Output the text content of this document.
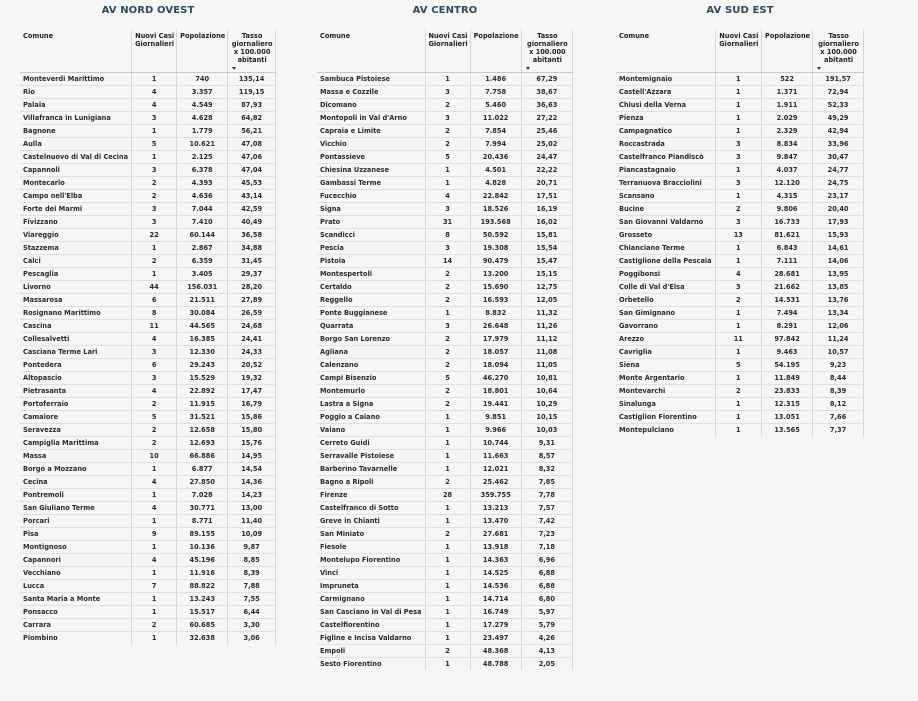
AV NORD OVEST
Comune	Nuovi Casi Giornalieri	Popolazione	Tasso giornaliero x 100.000 abitanti

Monteverdi Marittimo	1	740	135,14
Rio	4	3.357	119,15
Palaia	4	4.549	87,93
Villafranca in Lunigiana	3	4.628	64,82
Bagnone	1	1.779	56,21
Aulla	5	10.621	47,08
Castelnuovo di Val di Cecina	1	2.125	47,06
Capannoli	3	6.378	47,04
Montecarlo	2	4.393	45,53
Campo nell'Elba	2	4.636	43,14
Forte dei Marmi	3	7.044	42,59
Fivizzano	3	7.410	40,49
Viareggio	22	60.144	36,58
Stazzema	1	2.867	34,88
Calci	2	6.359	31,45
Pescaglia	1	3.405	29,37
Livorno	44	156.031	28,20
Massarosa	6	21.511	27,89
Rosignano Marittimo	8	30.084	26,59
Cascina	11	44.565	24,68
Collesalvetti	4	16.385	24,41
Casciana Terme Lari	3	12.330	24,33
Pontedera	6	29.243	20,52
Altopascio	3	15.529	19,32
Pietrasanta	4	22.892	17,47
Portoferraio	2	11.915	16,79
Camaiore	5	31.521	15,86
Seravezza	2	12.658	15,80
Campiglia Marittima	2	12.693	15,76
Massa	10	66.886	14,95
Borgo a Mozzano	1	6.877	14,54
Cecina	4	27.850	14,36
Pontremoli	1	7.028	14,23
San Giuliano Terme	4	30.771	13,00
Porcari	1	8.771	11,40
Pisa	9	89.155	10,09
Montignoso	1	10.136	9,87
Capannori	4	45.196	8,85
Vecchiano	1	11.916	8,39
Lucca	7	88.822	7,88
Santa Maria a Monte	1	13.243	7,55
Ponsacco	1	15.517	6,44
Carrara	2	60.685	3,30
Piombino	1	32.638	3,06
AV CENTRO
Comune	Nuovi Casi Giornalieri	Popolazione	Tasso giornaliero x 100.000 abitanti

Sambuca Pistoiese	1	1.486	67,29
Massa e Cozzile	3	7.758	38,67
Dicomano	2	5.460	36,63
Montopoli in Val d'Arno	3	11.022	27,22
Capraia e Limite	2	7.854	25,46
Vicchio	2	7.994	25,02
Pontassieve	5	20.436	24,47
Chiesina Uzzanese	1	4.501	22,22
Gambassi Terme	1	4.828	20,71
Fucecchio	4	22.842	17,51
Signa	3	18.526	16,19
Prato	31	193.568	16,02
Scandicci	8	50.592	15,81
Pescia	3	19.308	15,54
Pistoia	14	90.479	15,47
Montespertoli	2	13.200	15,15
Certaldo	2	15.690	12,75
Reggello	2	16.593	12,05
Ponte Buggianese	1	8.832	11,32
Quarrata	3	26.648	11,26
Borgo San Lorenzo	2	17.979	11,12
Agliana	2	18.057	11,08
Calenzano	2	18.094	11,05
Campi Bisenzio	5	46.270	10,81
Montemurlo	2	18.801	10,64
Lastra a Signa	2	19.441	10,29
Poggio a Caiano	1	9.851	10,15
Vaiano	1	9.966	10,03
Cerreto Guidi	1	10.744	9,31
Serravalle Pistoiese	1	11.663	8,57
Barberino Tavarnelle	1	12.021	8,32
Bagno a Ripoli	2	25.462	7,85
Firenze	28	359.755	7,78
Castelfranco di Sotto	1	13.213	7,57
Greve in Chianti	1	13.470	7,42
San Miniato	2	27.681	7,23
Fiesole	1	13.918	7,18
Montelupo Fiorentino	1	14.363	6,96
Vinci	1	14.525	6,88
Impruneta	1	14.536	6,88
Carmignano	1	14.714	6,80
San Casciano in Val di Pesa	1	16.749	5,97
Castelfiorentino	1	17.279	5,79
Figline e Incisa Valdarno	1	23.497	4,26
Empoli	2	48.368	4,13
Sesto Fiorentino	1	48.788	2,05
AV SUD EST
Comune	Nuovi Casi Giornalieri	Popolazione	Tasso giornaliero x 100.000 abitanti

Montemignaio	1	522	191,57
Castell'Azzara	1	1.371	72,94
Chiusi della Verna	1	1.911	52,33
Pienza	1	2.029	49,29
Campagnatico	1	2.329	42,94
Roccastrada	3	8.834	33,96
Castelfranco Piandiscò	3	9.847	30,47
Piancastagnaio	1	4.037	24,77
Terranuova Bracciolini	3	12.120	24,75
Scansano	1	4.315	23,17
Bucine	2	9.806	20,40
San Giovanni Valdarno	3	16.733	17,93
Grosseto	13	81.621	15,93
Chianciano Terme	1	6.843	14,61
Castiglione della Pescaia	1	7.111	14,06
Poggibonsi	4	28.681	13,95
Colle di Val d'Elsa	3	21.662	13,85
Orbetello	2	14.531	13,76
San Gimignano	1	7.494	13,34
Gavorrano	1	8.291	12,06
Arezzo	11	97.842	11,24
Cavriglia	1	9.463	10,57
Siena	5	54.195	9,23
Monte Argentario	1	11.849	8,44
Montevarchi	2	23.833	8,39
Sinalunga	1	12.315	8,12
Castiglion Fiorentino	1	13.051	7,66
Montepulciano	1	13.565	7,37
